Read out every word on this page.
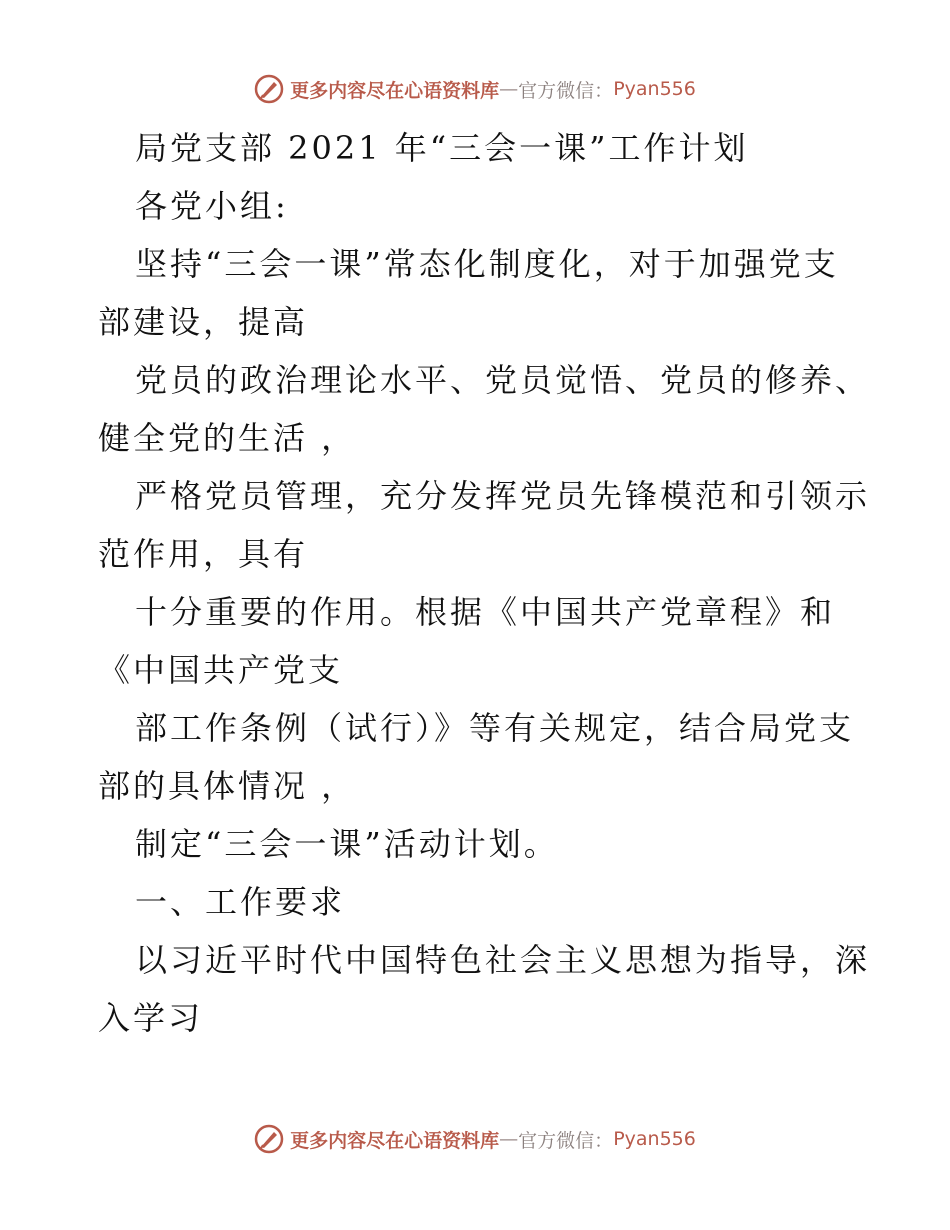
更多内容尽在心语资料库 — 官方微信： Pyan556
局党支部 2021 年“三会一课”工作计划
各党小组:
坚持“三会一课”常态化制度化，对于加强党支
部建设，提高
党员的政治理论水平、党员觉悟、党员的修养、
健全党的生活 ，
严格党员管理，充分发挥党员先锋模范和引领示
范作用，具有
十分重要的作用。根据《中国共产党章程》和
《中国共产党支
部工作条例（试行）》等有关规定，结合局党支
部的具体情况 ，
制定“三会一课”活动计划。
一、工作要求
以习近平时代中国特色社会主义思想为指导，深
入学习
更多内容尽在心语资料库 — 官方微信： Pyan556
